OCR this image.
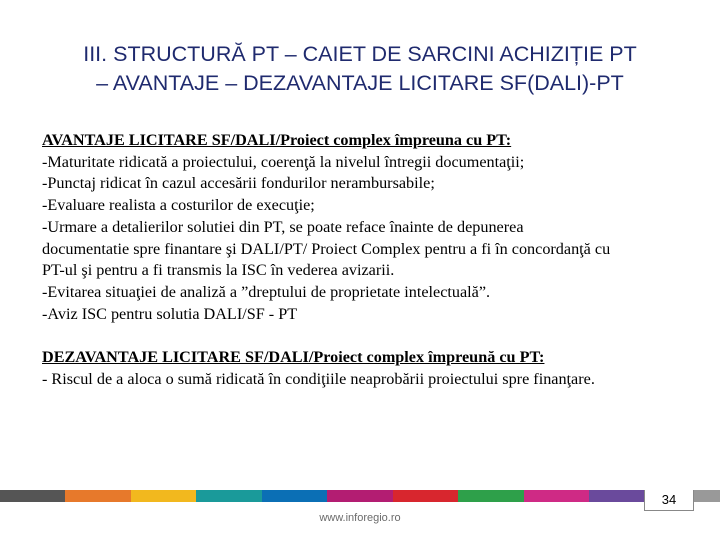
III. STRUCTURĂ PT – CAIET DE SARCINI ACHIZIȚIE PT
– AVANTAJE – DEZAVANTAJE LICITARE SF(DALI)-PT
AVANTAJE LICITARE SF/DALI/Proiect complex împreuna cu PT:
-Maturitate ridicată a proiectului, coerenţă la nivelul întregii documentaţii;
-Punctaj ridicat în cazul accesării fondurilor nerambursabile;
-Evaluare realista a costurilor de execuţie;
-Urmare a detalierilor solutiei din PT, se poate reface înainte de depunerea
documentatie spre finantare şi DALI/PT/ Proiect Complex pentru a fi în concordanţă cu
PT-ul şi pentru a fi transmis la ISC în vederea avizarii.
-Evitarea situaţiei de analiză a ”dreptului de proprietate intelectuală”.
-Aviz ISC pentru solutia DALI/SF - PT
DEZAVANTAJE LICITARE SF/DALI/Proiect complex împreună cu PT:
- Riscul de a aloca o sumă ridicată în condiţiile neaprobării proiectului spre finanţare.
34
www.inforegio.ro
